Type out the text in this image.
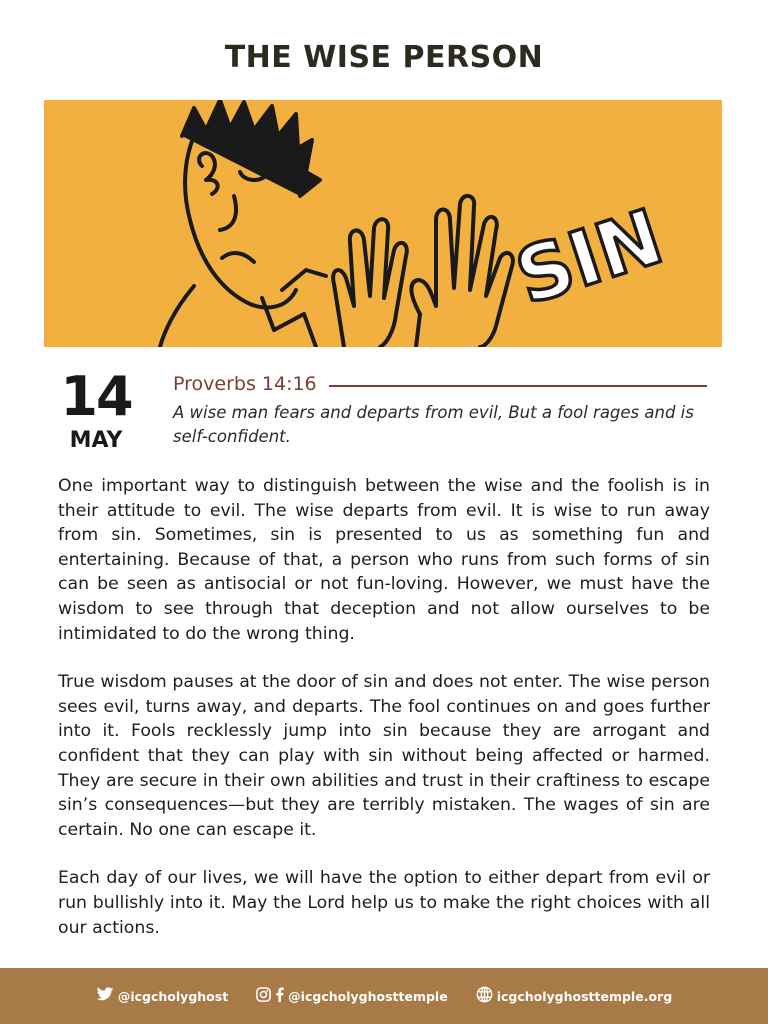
THE WISE PERSON
SIN
14
MAY
Proverbs 14:16
A wise man fears and departs from evil, But a fool rages and is self-confident.

One important way to distinguish between the wise and the foolish is in their attitude to evil. The wise departs from evil. It is wise to run away from sin. Sometimes, sin is presented to us as something fun and entertaining. Because of that, a person who runs from such forms of sin can be seen as antisocial or not fun-loving. However, we must have the wisdom to see through that deception and not allow ourselves to be intimidated to do the wrong thing.

True wisdom pauses at the door of sin and does not enter. The wise person sees evil, turns away, and departs. The fool continues on and goes further into it. Fools recklessly jump into sin because they are arrogant and confident that they can play with sin without being affected or harmed. They are secure in their own abilities and trust in their craftiness to escape sin’s consequences—but they are terribly mistaken. The wages of sin are certain. No one can escape it.

Each day of our lives, we will have the option to either depart from evil or run bullishly into it. May the Lord help us to make the right choices with all our actions.

@icgcholyghost	@icgcholyghosttemple	icgcholyghosttemple.org
